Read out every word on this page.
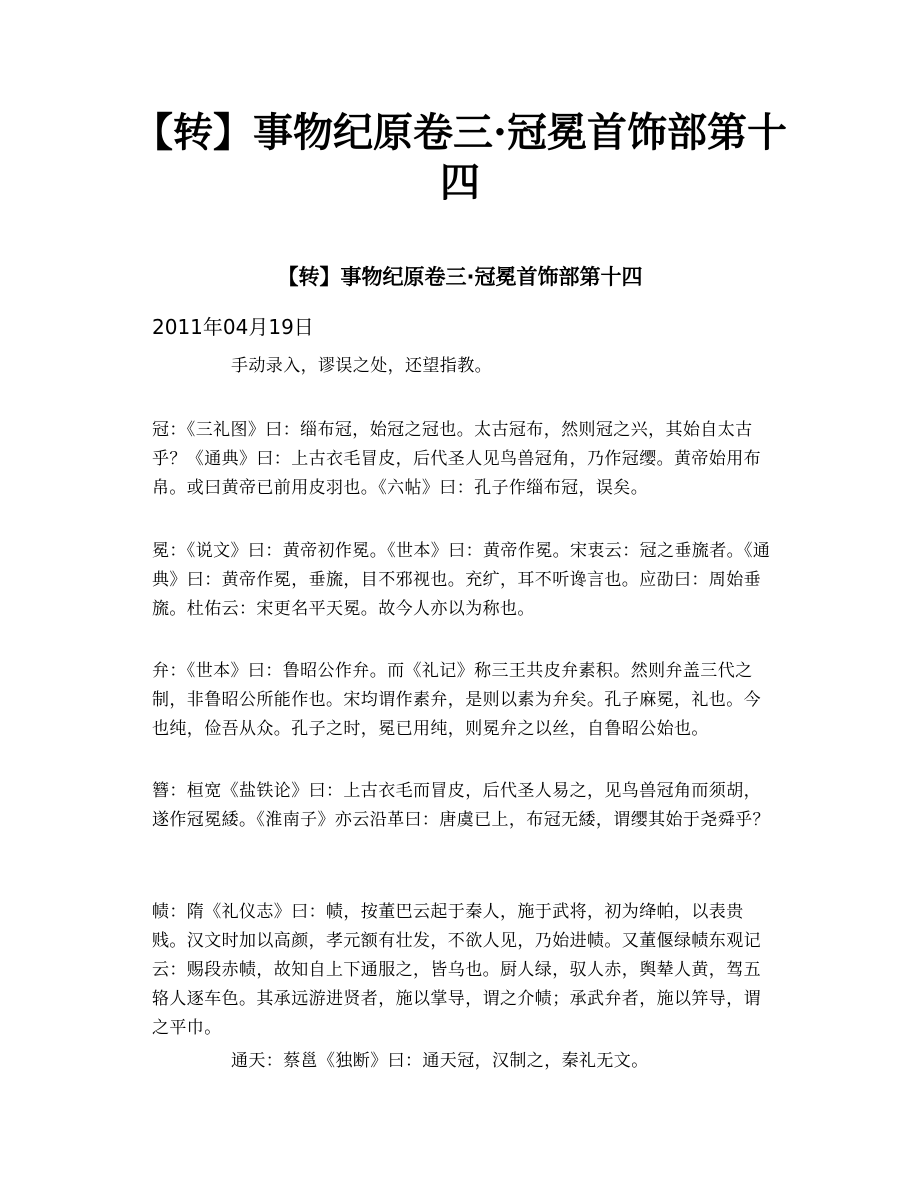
【转】事物纪原卷三·冠冕首饰部第十四
【转】事物纪原卷三·冠冕首饰部第十四
2011年04月19日

手动录入，谬误之处，还望指教。

冠：《三礼图》曰：缁布冠，始冠之冠也。太古冠布，然则冠之兴，其始自太古乎？《通典》曰：上古衣毛冒皮，后代圣人见鸟兽冠角，乃作冠缨。黄帝始用布帛。或曰黄帝已前用皮羽也。《六帖》曰：孔子作缁布冠，误矣。

冕：《说文》曰：黄帝初作冕。《世本》曰：黄帝作冕。宋衷云：冠之垂旒者。《通典》曰：黄帝作冕，垂旒，目不邪视也。充纩，耳不听谗言也。应劭曰：周始垂旒。杜佑云：宋更名平天冕。故今人亦以为称也。

弁：《世本》曰：鲁昭公作弁。而《礼记》称三王共皮弁素积。然则弁盖三代之制，非鲁昭公所能作也。宋均谓作素弁，是则以素为弁矣。孔子麻冕，礼也。今也纯，俭吾从众。孔子之时，冕已用纯，则冕弁之以丝，自鲁昭公始也。

簪：桓宽《盐铁论》曰：上古衣毛而冒皮，后代圣人易之，见鸟兽冠角而须胡，遂作冠冕緌。《淮南子》亦云沿革曰：唐虞已上，布冠无緌，谓缨其始于尧舜乎？

帻：隋《礼仪志》曰：帻，按董巴云起于秦人，施于武将，初为绛帕，以表贵贱。汉文时加以高颜，孝元额有壮发，不欲人见，乃始进帻。又董偃绿帻东观记云：赐段赤帻，故知自上下通服之，皆乌也。厨人绿，驭人赤，舆辇人黄，驾五辂人逐车色。其承远游进贤者，施以掌导，谓之介帻；承武弁者，施以笄导，谓之平巾。

通天：蔡邕《独断》曰：通天冠，汉制之，秦礼无文。
